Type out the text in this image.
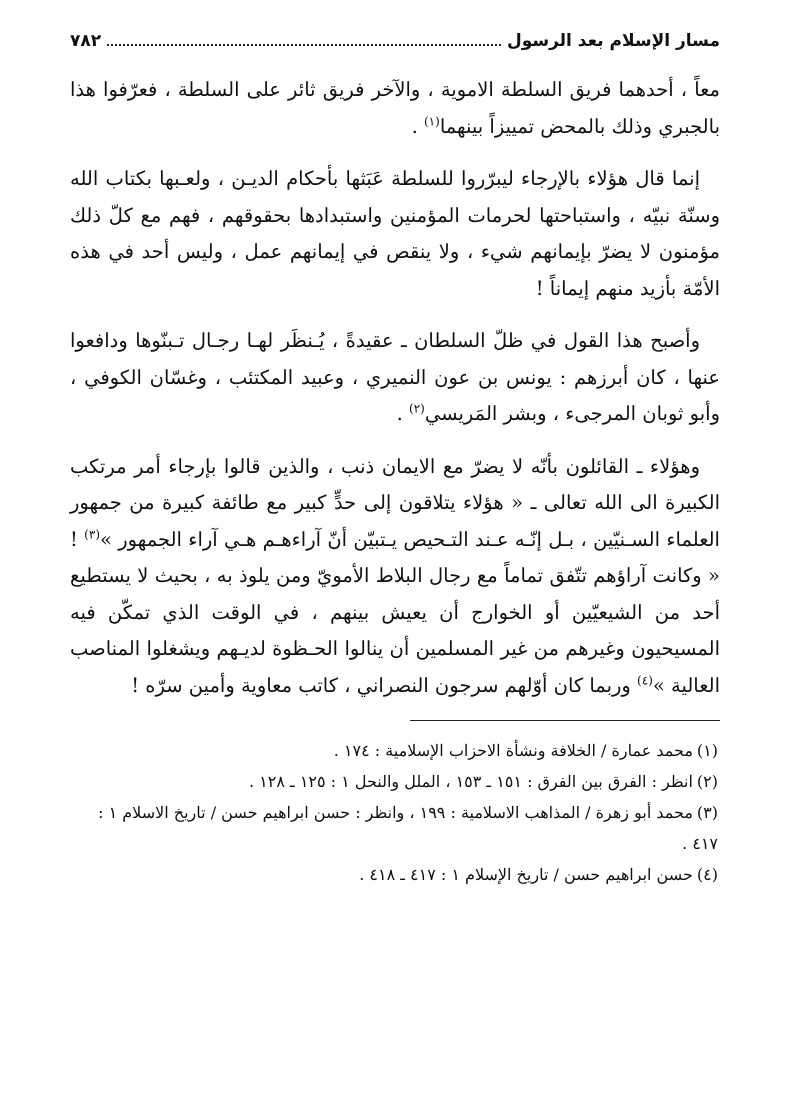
مسار الإسلام بعد الرسول
٧٨٢

معاً ، أحدهما فريق السلطة الاموية ، والآخر فريق ثائر على السلطة ، فعرّفوا هذا بالجبري وذلك بالمحض تمييزاً بينهما$^{(١)}$ .

إنما قال هؤلاء بالإرجاء ليبرّروا للسلطة عَبَثها بأحكام الديـن ، ولعـبها بكتاب الله وسنّة نبيّه ، واستباحتها لحرمات المؤمنين واستبدادها بحقوقهم ، فهم مع كلّ ذلك مؤمنون لا يضرّ بإيمانهم شيء ، ولا ينقص في إيمانهم عمل ، وليس أحد في هذه الأمّة بأزيد منهم إيماناً !

وأصبح هذا القول في ظلّ السلطان ـ عقيدةً ، يُـنظَر لهـا رجـال تـبنّوها ودافعوا عنها ، كان أبرزهم : يونس بن عون النميري ، وعبيد المكتئب ، وغسّان الكوفي ، وأبو ثوبان المرجىء ، وبشر المَريسي$^{(٢)}$ .

وهؤلاء ـ القائلون بأنّه لا يضرّ مع الايمان ذنب ، والذين قالوا بإرجاء أمر مرتكب الكبيرة الى الله تعالى ـ « هؤلاء يتلاقون إلى حدٍّ كبير مع طائفة كبيرة من جمهور العلماء السـنيّين ، بـل إنّـه عـند التـحيص يـتبيّن أنّ آراءهـم هـي آراء الجمهور »$^{(٣)}$ ! « وكانت آراؤهم تتّفق تماماً مع رجال البلاط الأمويّ ومن يلوذ به ، بحيث لا يستطيع أحد من الشيعيّين أو الخوارج أن يعيش بينهم ، في الوقت الذي تمكّن فيه المسيحيون وغيرهم من غير المسلمين أن ينالوا الحـظوة لديـهم ويشغلوا المناصب العالية »$^{(٤)}$ وربما كان أوّلهم سرجون النصراني ، كاتب معاوية وأمين سرّه !

(١)محمد عمارة / الخلافة ونشأة الاحزاب الإسلامية : ١٧٤ .

(٢)انظر : الفرق بين الفرق : ١٥١ ـ ١٥٣ ، الملل والنحل ١ : ١٢٥ ـ ١٢٨ .

(٣)محمد أبو زهرة / المذاهب الاسلامية : ١٩٩ ، وانظر : حسن ابراهيم حسن / تاريخ الاسلام ١ : ٤١٧ .

(٤)حسن ابراهيم حسن / تاريخ الإسلام ١ : ٤١٧ ـ ٤١٨ .
